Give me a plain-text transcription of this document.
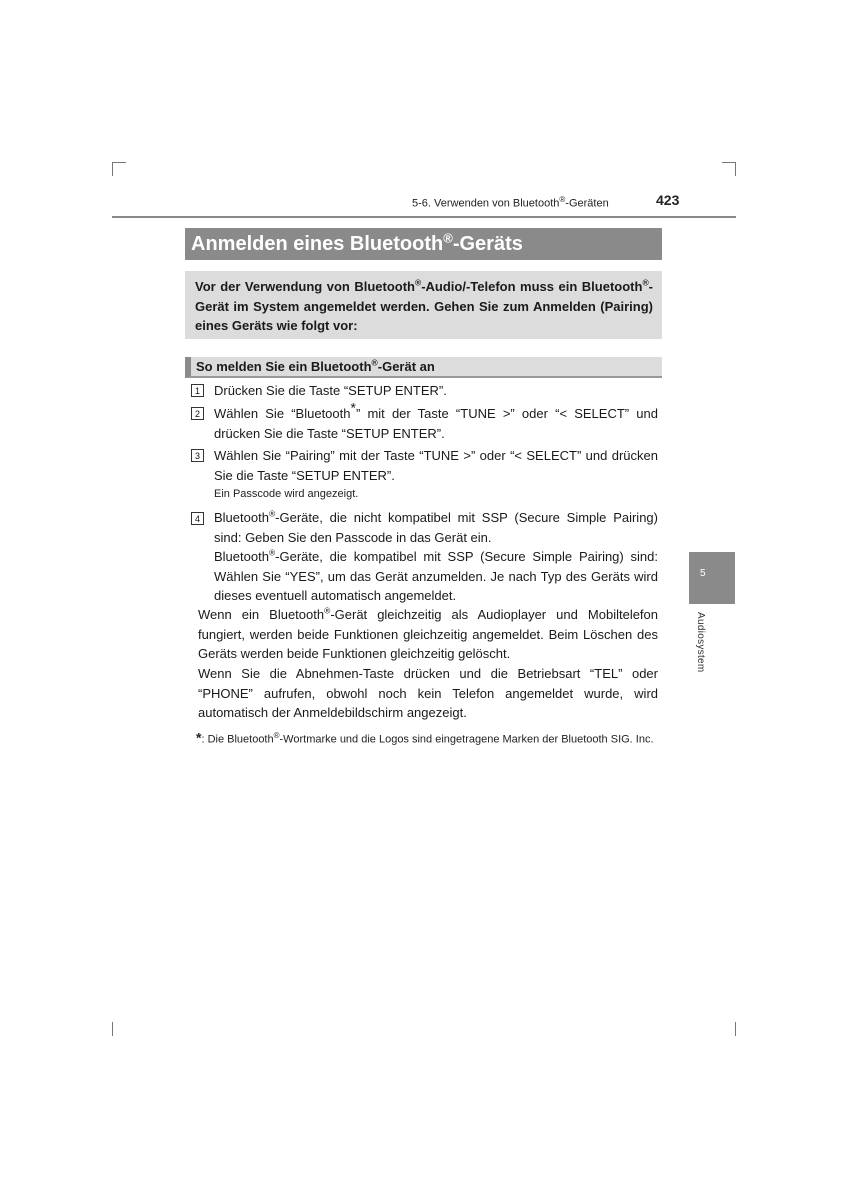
5-6. Verwenden von Bluetooth®-Geräten	423
Anmelden eines Bluetooth®-Geräts
Vor der Verwendung von Bluetooth®-Audio/-Telefon muss ein Bluetooth®-Gerät im System angemeldet werden. Gehen Sie zum Anmelden (Pairing) eines Geräts wie folgt vor:
So melden Sie ein Bluetooth®-Gerät an
1	Drücken Sie die Taste “SETUP ENTER”.
2	Wählen Sie “Bluetooth*” mit der Taste “TUNE >” oder “< SELECT” und drücken Sie die Taste “SETUP ENTER”.
3	Wählen Sie “Pairing” mit der Taste “TUNE >” oder “< SELECT” und drücken Sie die Taste “SETUP ENTER”.
Ein Passcode wird angezeigt.
4	Bluetooth®-Geräte, die nicht kompatibel mit SSP (Secure Simple Pairing) sind: Geben Sie den Passcode in das Gerät ein.
Bluetooth®-Geräte, die kompatibel mit SSP (Secure Simple Pairing) sind: Wählen Sie “YES”, um das Gerät anzumelden. Je nach Typ des Geräts wird dieses eventuell automatisch angemeldet.
Wenn ein Bluetooth®-Gerät gleichzeitig als Audioplayer und Mobiltelefon fungiert, werden beide Funktionen gleichzeitig angemeldet. Beim Löschen des Geräts werden beide Funktionen gleichzeitig gelöscht.
Wenn Sie die Abnehmen-Taste drücken und die Betriebsart “TEL” oder “PHONE” aufrufen, obwohl noch kein Telefon angemeldet wurde, wird automatisch der Anmeldebildschirm angezeigt.
*: Die Bluetooth®-Wortmarke und die Logos sind eingetragene Marken der Bluetooth SIG. Inc.
5
Audiosystem
